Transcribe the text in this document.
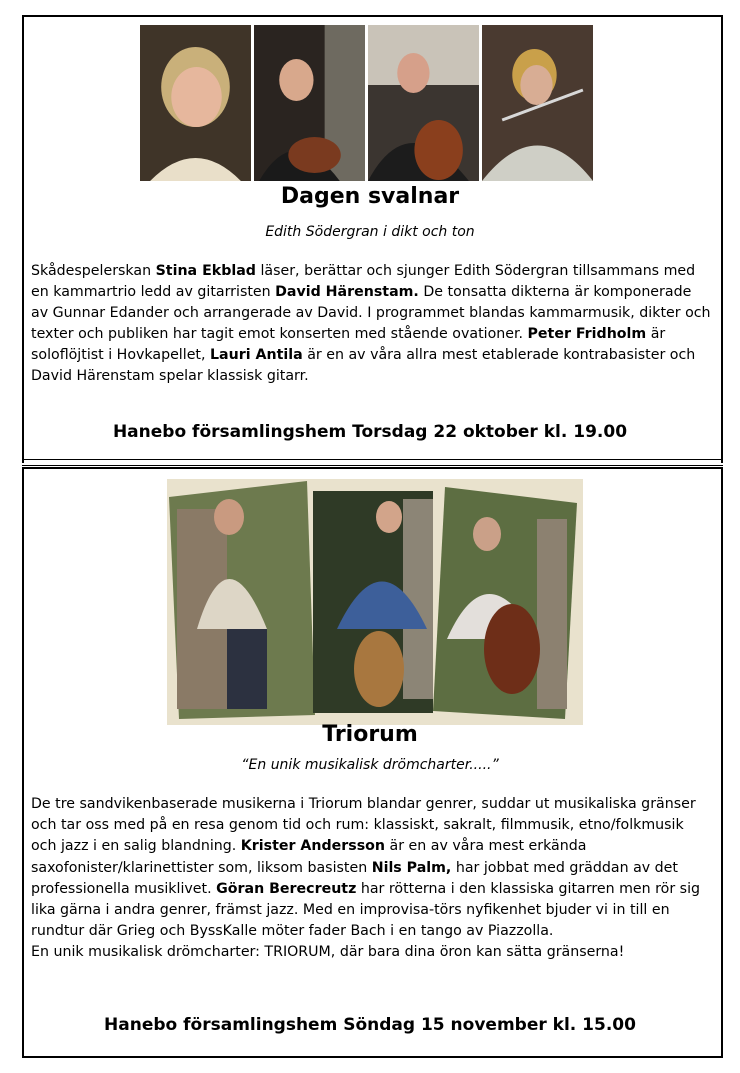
Dagen svalnar
Edith Södergran i dikt och ton
Skådespelerskan Stina Ekblad läser, berättar och sjunger Edith Södergran tillsammans med en kammartrio ledd av gitarristen David Härenstam. De tonsatta dikterna är komponerade av Gunnar Edander och arrangerade av David. I programmet blandas kammarmusik, dikter och texter och publiken har tagit emot konserten med stående ovationer. Peter Fridholm är soloflöjtist i Hovkapellet, Lauri Antila är en av våra allra mest etablerade kontrabasister och David Härenstam spelar klassisk gitarr.
Hanebo församlingshem Torsdag 22 oktober kl. 19.00
Triorum
“En unik musikalisk drömcharter.....”
De tre sandvikenbaserade musikerna i Triorum blandar genrer, suddar ut musikaliska gränser och tar oss med på en resa genom tid och rum: klassiskt, sakralt, filmmusik, etno/folkmusik och jazz i en salig blandning. Krister Andersson är en av våra mest erkända saxofonister/klarinettister som, liksom basisten Nils Palm, har jobbat med gräddan av det professionella musiklivet. Göran Berecreutz har rötterna i den klassiska gitarren men rör sig lika gärna i andra genrer, främst jazz. Med en improvisa-törs nyfikenhet bjuder vi in till en rundtur där Grieg och ByssKalle möter fader Bach i en tango av Piazzolla.
En unik musikalisk drömcharter: TRIORUM, där bara dina öron kan sätta gränserna!
Hanebo församlingshem Söndag 15 november kl. 15.00
